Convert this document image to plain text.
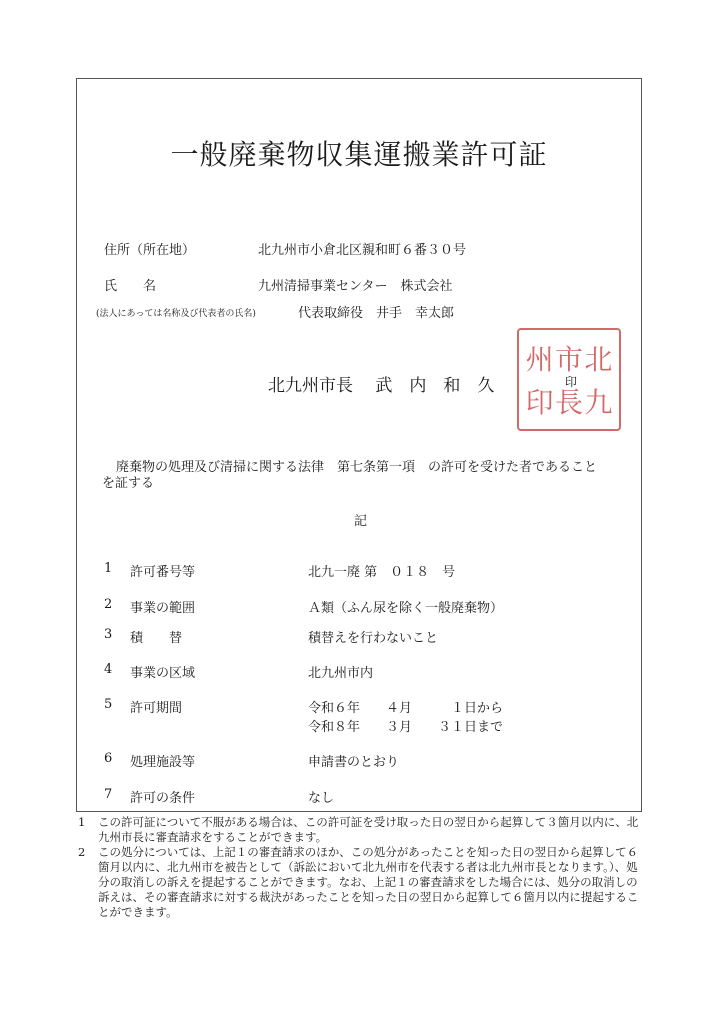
一般廃棄物収集運搬業許可証
住所（所在地）	北九州市小倉北区親和町６番３０号
氏　　名	九州清掃事業センター　株式会社
(法人にあっては名称及び代表者の氏名)	代表取締役　井手　幸太郎
北九州市長　 武　内　和　久
州 市 北
印 長 九
印
廃棄物の処理及び清掃に関する法律　第七条第一項　の許可を受けた者であること
を証する
記
1 許可番号等	北九一廃 第　０１８　号
2 事業の範囲	Ａ類（ふん尿を除く一般廃棄物）
3 積　　替	積替えを行わないこと
4 事業の区域	北九州市内
5 許可期間	令和６年　　４月　　　１日から
令和８年　　３月　　３１日まで
6 処理施設等	申請書のとおり
7 許可の条件	なし
1	この許可証について不服がある場合は、この許可証を受け取った日の翌日から起算して３箇月以内に、北九州市長に審査請求をすることができます。
2	この処分については、上記１の審査請求のほか、この処分があったことを知った日の翌日から起算して６箇月以内に、北九州市を被告として（訴訟において北九州市を代表する者は北九州市長となります。）、処分の取消しの訴えを提起することができます。なお、上記１の審査請求をした場合には、処分の取消しの訴えは、その審査請求に対する裁決があったことを知った日の翌日から起算して６箇月以内に提起することができます。
